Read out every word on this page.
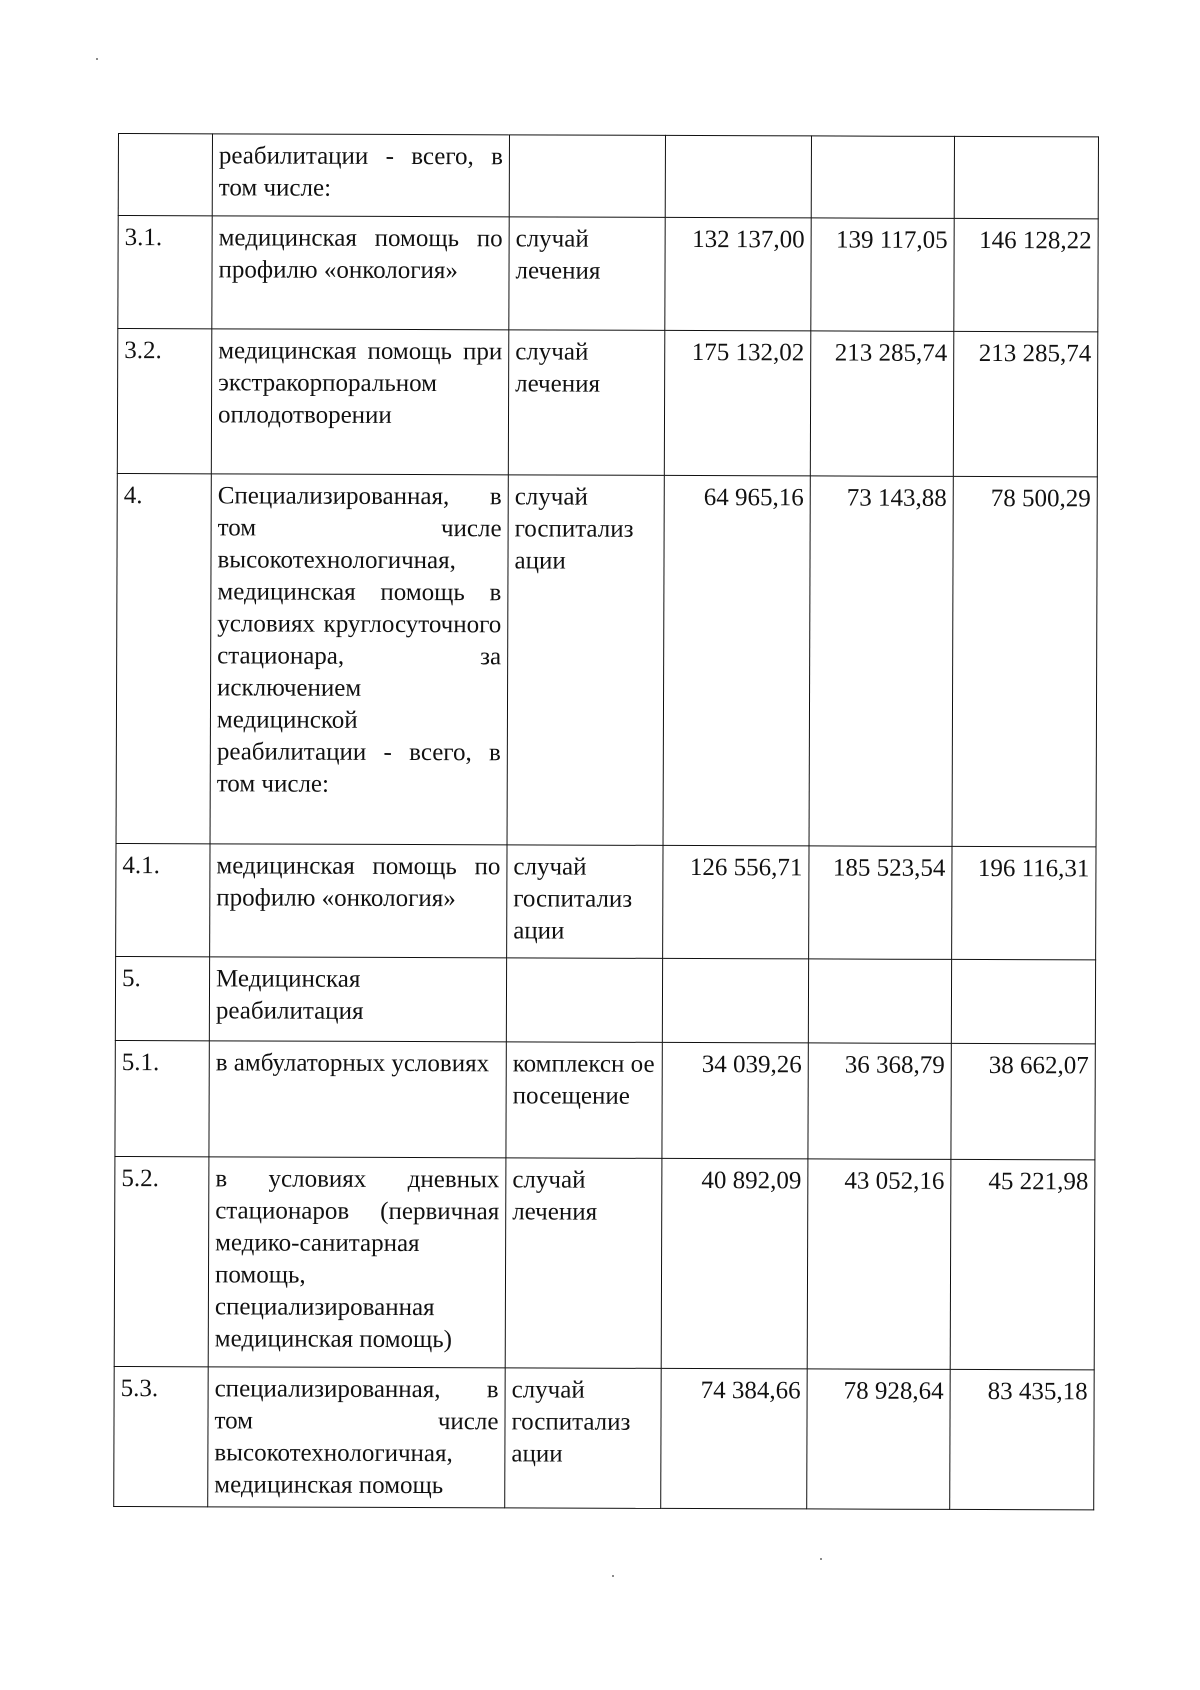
	реабилитации - всего, в том числе:				
3.1.	медицинская помощь по профилю «онкология»	случай лечения	132 137,00	139 117,05	146 128,22
3.2.	медицинская помощь при экстракорпоральном оплодотворении	случай лечения	175 132,02	213 285,74	213 285,74
4.	Специализированная, в том числе высокотехнологичная, медицинская помощь в условиях круглосуточного стационара, за исключением медицинской реабилитации - всего, в том числе:	случай госпитализ ации	64 965,16	73 143,88	78 500,29
4.1.	медицинская помощь по профилю «онкология»	случай госпитализ ации	126 556,71	185 523,54	196 116,31
5.	Медицинская реабилитация				
5.1.	в амбулаторных условиях	комплексн ое посещение	34 039,26	36 368,79	38 662,07
5.2.	в условиях дневных стационаров (первичная медико-санитарная помощь, специализированная медицинская помощь)	случай лечения	40 892,09	43 052,16	45 221,98
5.3.	специализированная, в том числе высокотехнологичная, медицинская помощь	случай госпитализ ации	74 384,66	78 928,64	83 435,18
